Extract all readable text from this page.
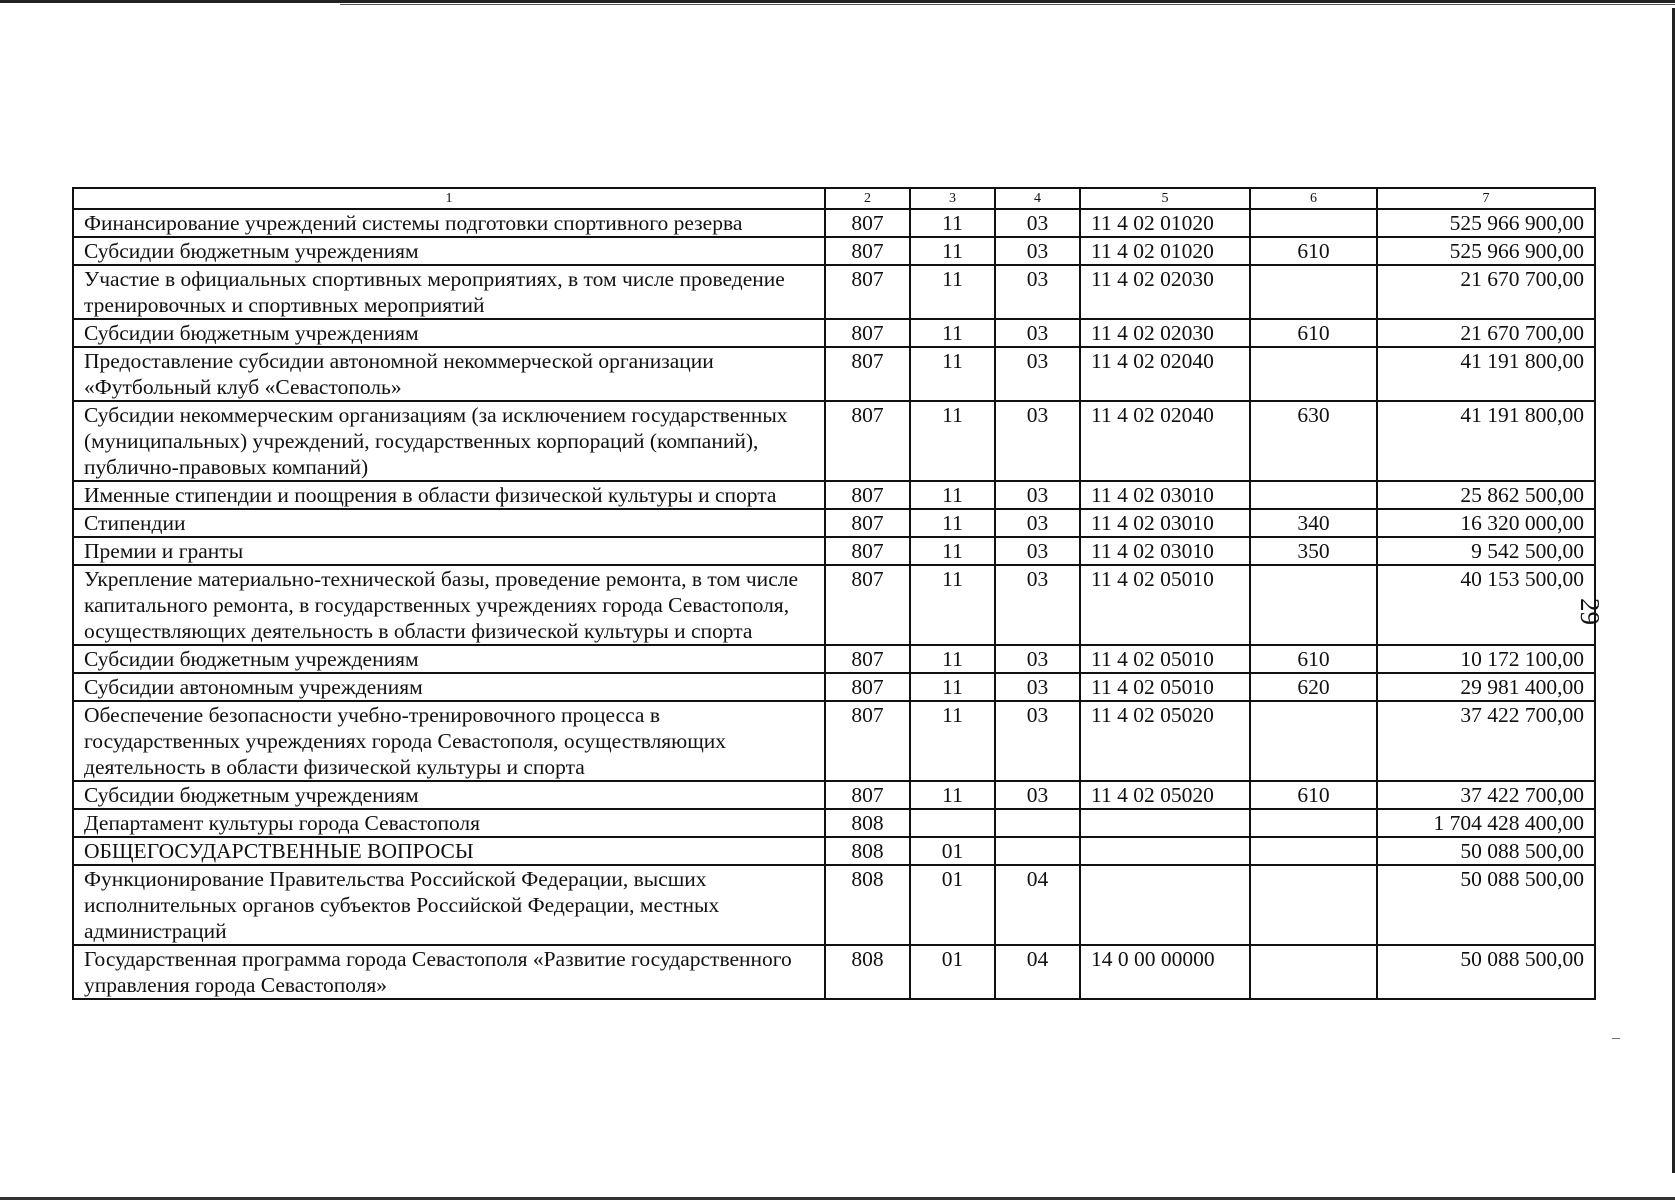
29
1	2	3	4	5	6	7
Финансирование учреждений системы подготовки спортивного резерва	807	11	03	11 4 02 01020		525 966 900,00
Субсидии бюджетным учреждениям	807	11	03	11 4 02 01020	610	525 966 900,00
Участие в официальных спортивных мероприятиях, в том числе проведение тренировочных и спортивных мероприятий	807	11	03	11 4 02 02030		21 670 700,00
Субсидии бюджетным учреждениям	807	11	03	11 4 02 02030	610	21 670 700,00
Предоставление субсидии автономной некоммерческой организации «Футбольный клуб «Севастополь»	807	11	03	11 4 02 02040		41 191 800,00
Субсидии некоммерческим организациям (за исключением государственных (муниципальных) учреждений, государственных корпораций (компаний), публично-правовых компаний)	807	11	03	11 4 02 02040	630	41 191 800,00
Именные стипендии и поощрения в области физической культуры и спорта	807	11	03	11 4 02 03010		25 862 500,00
Стипендии	807	11	03	11 4 02 03010	340	16 320 000,00
Премии и гранты	807	11	03	11 4 02 03010	350	9 542 500,00
Укрепление материально-технической базы, проведение ремонта, в том числе капитального ремонта, в государственных учреждениях города Севастополя, осуществляющих деятельность в области физической культуры и спорта	807	11	03	11 4 02 05010		40 153 500,00
Субсидии бюджетным учреждениям	807	11	03	11 4 02 05010	610	10 172 100,00
Субсидии автономным учреждениям	807	11	03	11 4 02 05010	620	29 981 400,00
Обеспечение безопасности учебно-тренировочного процесса в государственных учреждениях города Севастополя, осуществляющих деятельность в области физической культуры и спорта	807	11	03	11 4 02 05020		37 422 700,00
Субсидии бюджетным учреждениям	807	11	03	11 4 02 05020	610	37 422 700,00
Департамент культуры города Севастополя	808					1 704 428 400,00
ОБЩЕГОСУДАРСТВЕННЫЕ ВОПРОСЫ	808	01				50 088 500,00
Функционирование Правительства Российской Федерации, высших исполнительных органов субъектов Российской Федерации, местных администраций	808	01	04			50 088 500,00
Государственная программа города Севастополя «Развитие государственного управления города Севастополя»	808	01	04	14 0 00 00000		50 088 500,00
